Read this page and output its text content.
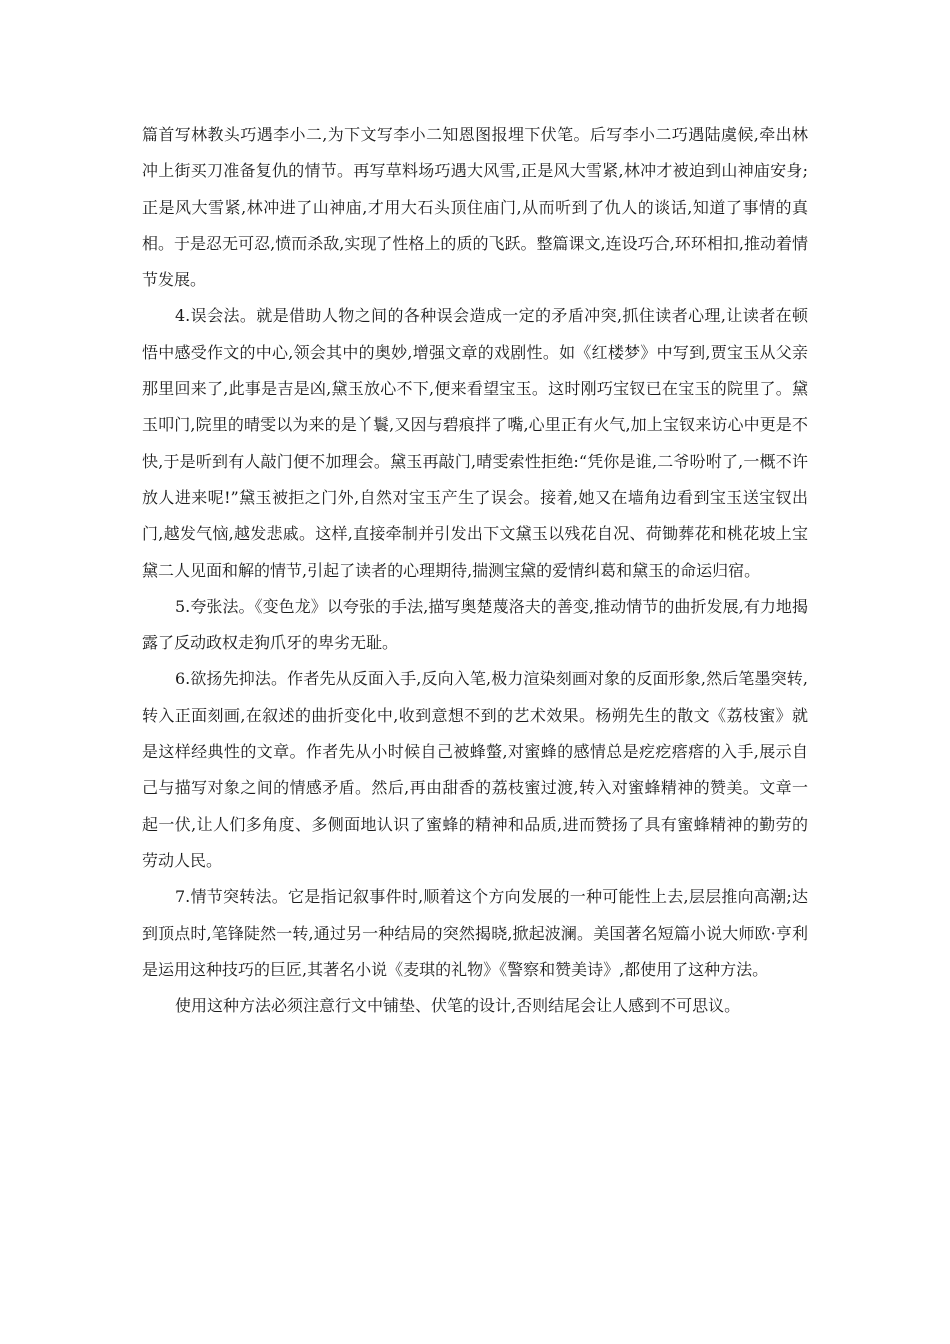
篇首写林教头巧遇李小二,为下文写李小二知恩图报埋下伏笔。后写李小二巧遇陆虞候,牵出林冲上街买刀准备复仇的情节。再写草料场巧遇大风雪,正是风大雪紧,林冲才被迫到山神庙安身;正是风大雪紧,林冲进了山神庙,才用大石头顶住庙门,从而听到了仇人的谈话,知道了事情的真相。于是忍无可忍,愤而杀敌,实现了性格上的质的飞跃。整篇课文,连设巧合,环环相扣,推动着情节发展。

4.误会法。就是借助人物之间的各种误会造成一定的矛盾冲突,抓住读者心理,让读者在顿悟中感受作文的中心,领会其中的奥妙,增强文章的戏剧性。如《红楼梦》中写到,贾宝玉从父亲那里回来了,此事是吉是凶,黛玉放心不下,便来看望宝玉。这时刚巧宝钗已在宝玉的院里了。黛玉叩门,院里的晴雯以为来的是丫鬟,又因与碧痕拌了嘴,心里正有火气,加上宝钗来访心中更是不快,于是听到有人敲门便不加理会。黛玉再敲门,晴雯索性拒绝:“凭你是谁,二爷吩咐了,一概不许放人进来呢!”黛玉被拒之门外,自然对宝玉产生了误会。接着,她又在墙角边看到宝玉送宝钗出门,越发气恼,越发悲戚。这样,直接牵制并引发出下文黛玉以残花自况、荷锄葬花和桃花坡上宝黛二人见面和解的情节,引起了读者的心理期待,揣测宝黛的爱情纠葛和黛玉的命运归宿。

5.夸张法。《变色龙》以夸张的手法,描写奥楚蔑洛夫的善变,推动情节的曲折发展,有力地揭露了反动政权走狗爪牙的卑劣无耻。

6.欲扬先抑法。作者先从反面入手,反向入笔,极力渲染刻画对象的反面形象,然后笔墨突转,转入正面刻画,在叙述的曲折变化中,收到意想不到的艺术效果。杨朔先生的散文《荔枝蜜》就是这样经典性的文章。作者先从小时候自己被蜂螫,对蜜蜂的感情总是疙疙瘩瘩的入手,展示自己与描写对象之间的情感矛盾。然后,再由甜香的荔枝蜜过渡,转入对蜜蜂精神的赞美。文章一起一伏,让人们多角度、多侧面地认识了蜜蜂的精神和品质,进而赞扬了具有蜜蜂精神的勤劳的劳动人民。

7.情节突转法。它是指记叙事件时,顺着这个方向发展的一种可能性上去,层层推向高潮;达到顶点时,笔锋陡然一转,通过另一种结局的突然揭晓,掀起波澜。美国著名短篇小说大师欧·亨利是运用这种技巧的巨匠,其著名小说《麦琪的礼物》《警察和赞美诗》,都使用了这种方法。

使用这种方法必须注意行文中铺垫、伏笔的设计,否则结尾会让人感到不可思议。
